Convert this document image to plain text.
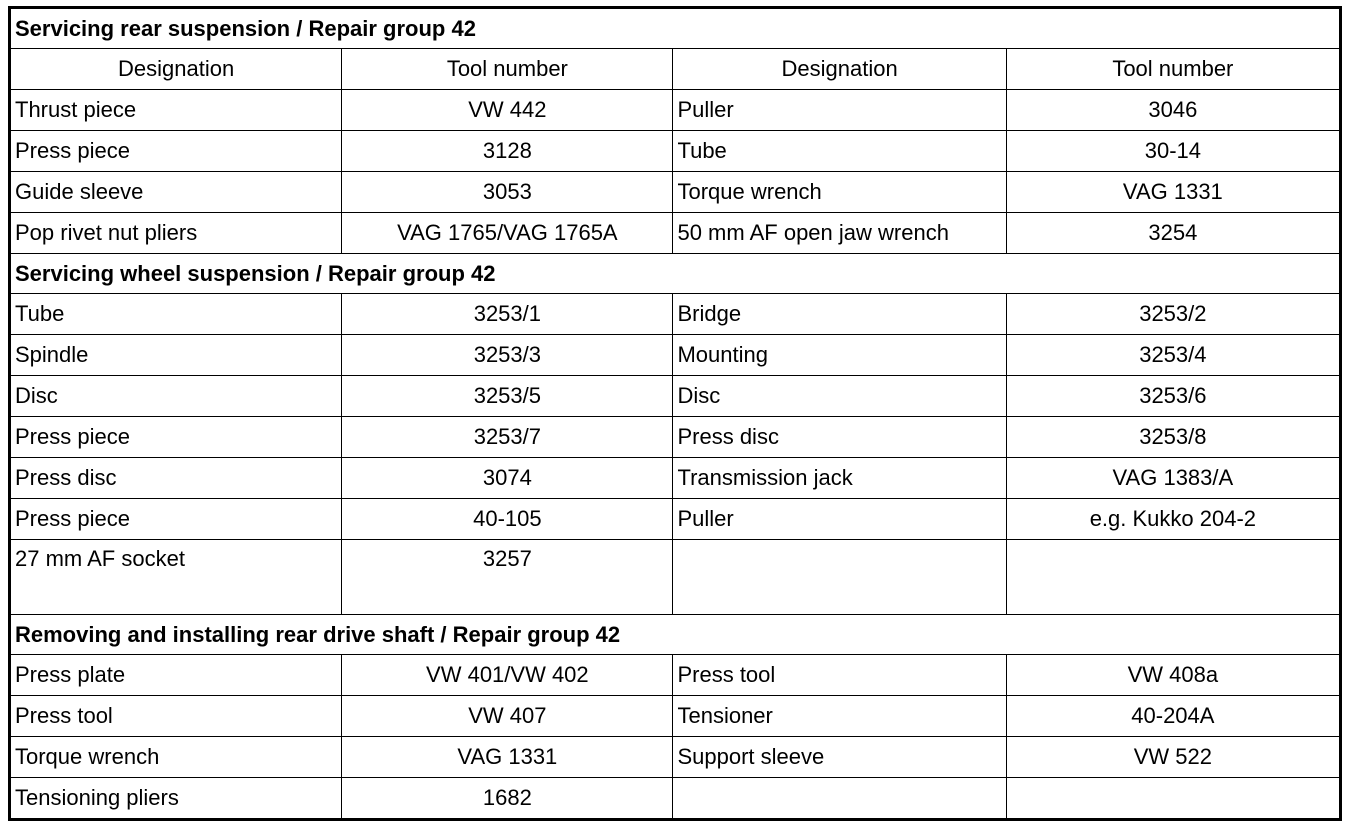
Servicing rear suspension / Repair group 42			
Designation	Tool number	Designation	Tool number
Thrust piece	VW 442	Puller	3046
Press piece	3128	Tube	30-14
Guide sleeve	3053	Torque wrench	VAG 1331
Pop rivet nut pliers	VAG 1765/VAG 1765A	50 mm AF open jaw wrench	3254
Servicing wheel suspension / Repair group 42			
Tube	3253/1	Bridge	3253/2
Spindle	3253/3	Mounting	3253/4
Disc	3253/5	Disc	3253/6
Press piece	3253/7	Press disc	3253/8
Press disc	3074	Transmission jack	VAG 1383/A
Press piece	40-105	Puller	e.g. Kukko 204-2
27 mm AF socket	3257		
Removing and installing rear drive shaft / Repair group 42			
Press plate	VW 401/VW 402	Press tool	VW 408a
Press tool	VW 407	Tensioner	40-204A
Torque wrench	VAG 1331	Support sleeve	VW 522
Tensioning pliers	1682		
